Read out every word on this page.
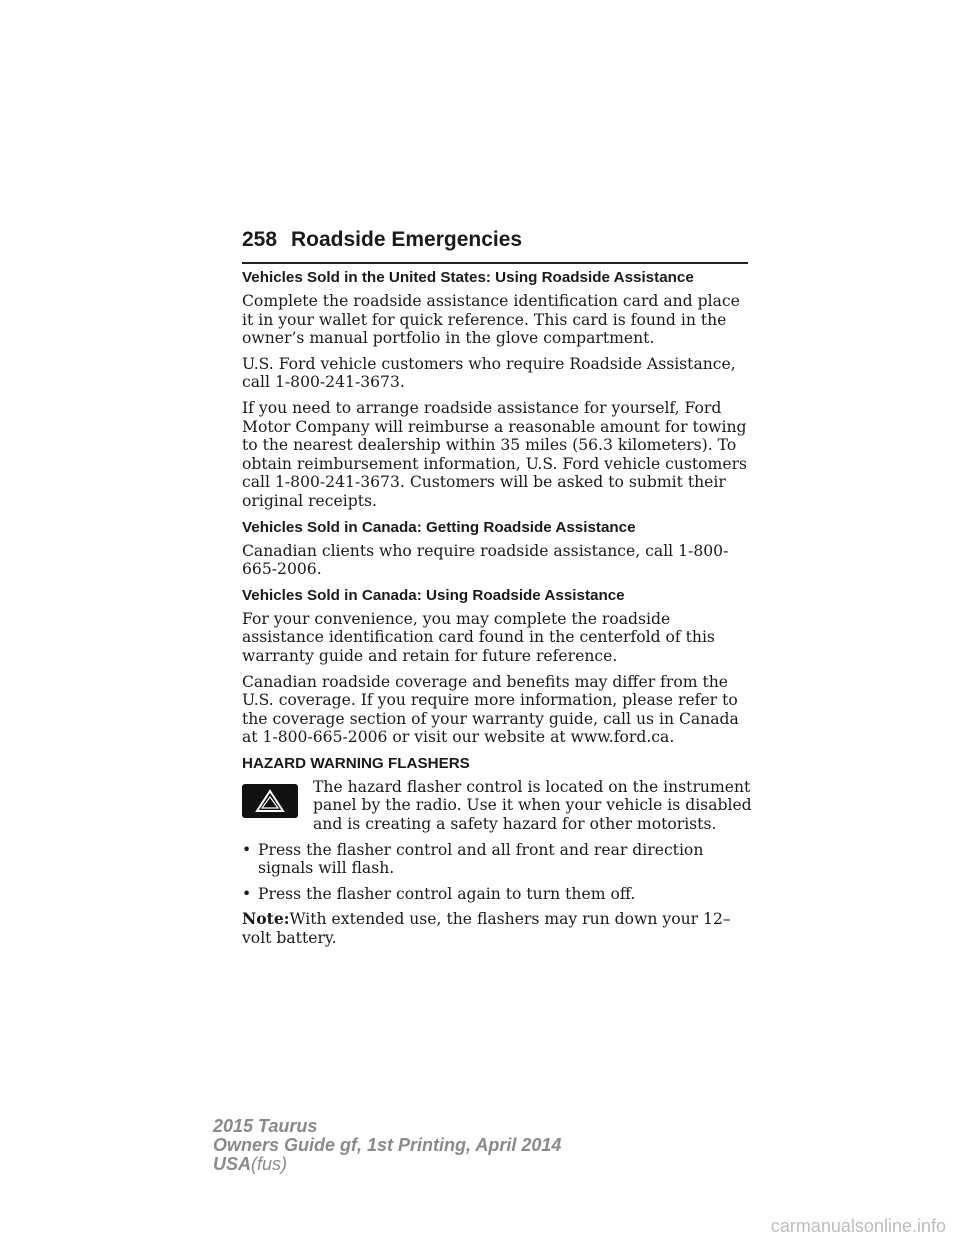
258 Roadside Emergencies
Vehicles Sold in the United States: Using Roadside Assistance

Complete the roadside assistance identification card and place it in your wallet for quick reference. This card is found in the owner’s manual portfolio in the glove compartment.

U.S. Ford vehicle customers who require Roadside Assistance, call 1-800-241-3673.

If you need to arrange roadside assistance for yourself, Ford Motor Company will reimburse a reasonable amount for towing to the nearest dealership within 35 miles (56.3 kilometers). To obtain reimbursement information, U.S. Ford vehicle customers call 1-800-241-3673. Customers will be asked to submit their original receipts.

Vehicles Sold in Canada: Getting Roadside Assistance

Canadian clients who require roadside assistance, call 1-800-665-2006.

Vehicles Sold in Canada: Using Roadside Assistance

For your convenience, you may complete the roadside assistance identification card found in the centerfold of this warranty guide and retain for future reference.

Canadian roadside coverage and benefits may differ from the U.S. coverage. If you require more information, please refer to the coverage section of your warranty guide, call us in Canada at 1-800-665-2006 or visit our website at www.ford.ca.

HAZARD WARNING FLASHERS

The hazard flasher control is located on the instrument panel by the radio. Use it when your vehicle is disabled and is creating a safety hazard for other motorists.

• Press the flasher control and all front and rear direction signals will flash.
• Press the flasher control again to turn them off.

Note:With extended use, the flashers may run down your 12–volt battery.

2015 Taurus
Owners Guide gf, 1st Printing, April 2014
USA(fus)
carmanualsonline.info
